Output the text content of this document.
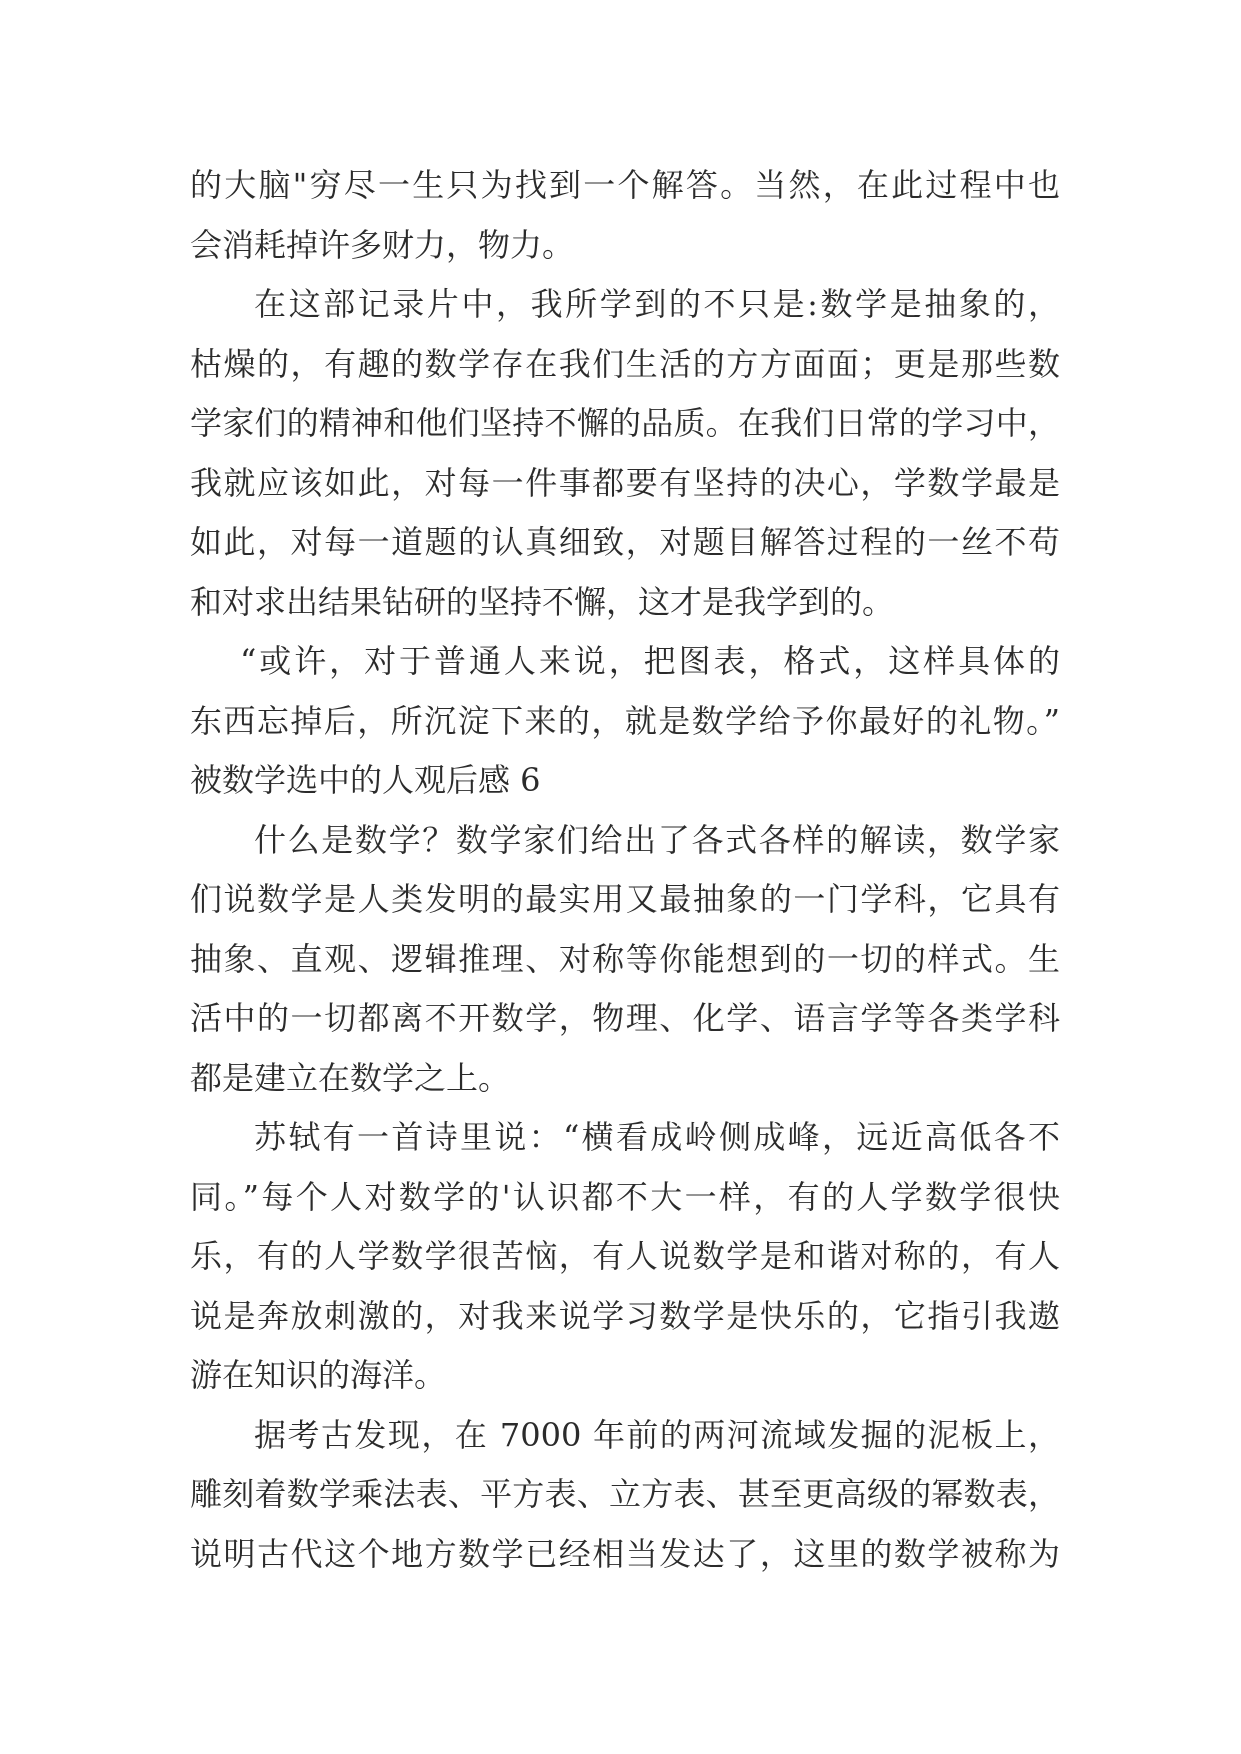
的大脑"穷尽一生只为找到一个解答。当然，在此过程中也
会消耗掉许多财力，物力。
在这部记录片中，我所学到的不只是:数学是抽象的，
枯燥的，有趣的数学存在我们生活的方方面面；更是那些数
学家们的精神和他们坚持不懈的品质。在我们日常的学习中，
我就应该如此，对每一件事都要有坚持的决心，学数学最是
如此，对每一道题的认真细致，对题目解答过程的一丝不苟
和对求出结果钻研的坚持不懈，这才是我学到的。
“或许，对于普通人来说，把图表，格式，这样具体的
东西忘掉后，所沉淀下来的，就是数学给予你最好的礼物。”
被数学选中的人观后感 6
什么是数学？数学家们给出了各式各样的解读，数学家
们说数学是人类发明的最实用又最抽象的一门学科，它具有
抽象、直观、逻辑推理、对称等你能想到的一切的样式。生
活中的一切都离不开数学，物理、化学、语言学等各类学科
都是建立在数学之上。
苏轼有一首诗里说：“横看成岭侧成峰，远近高低各不
同。”每个人对数学的'认识都不大一样，有的人学数学很快
乐，有的人学数学很苦恼，有人说数学是和谐对称的，有人
说是奔放刺激的，对我来说学习数学是快乐的，它指引我遨
游在知识的海洋。
据考古发现，在 7000 年前的两河流域发掘的泥板上，
雕刻着数学乘法表、平方表、立方表、甚至更高级的幂数表，
说明古代这个地方数学已经相当发达了，这里的数学被称为
